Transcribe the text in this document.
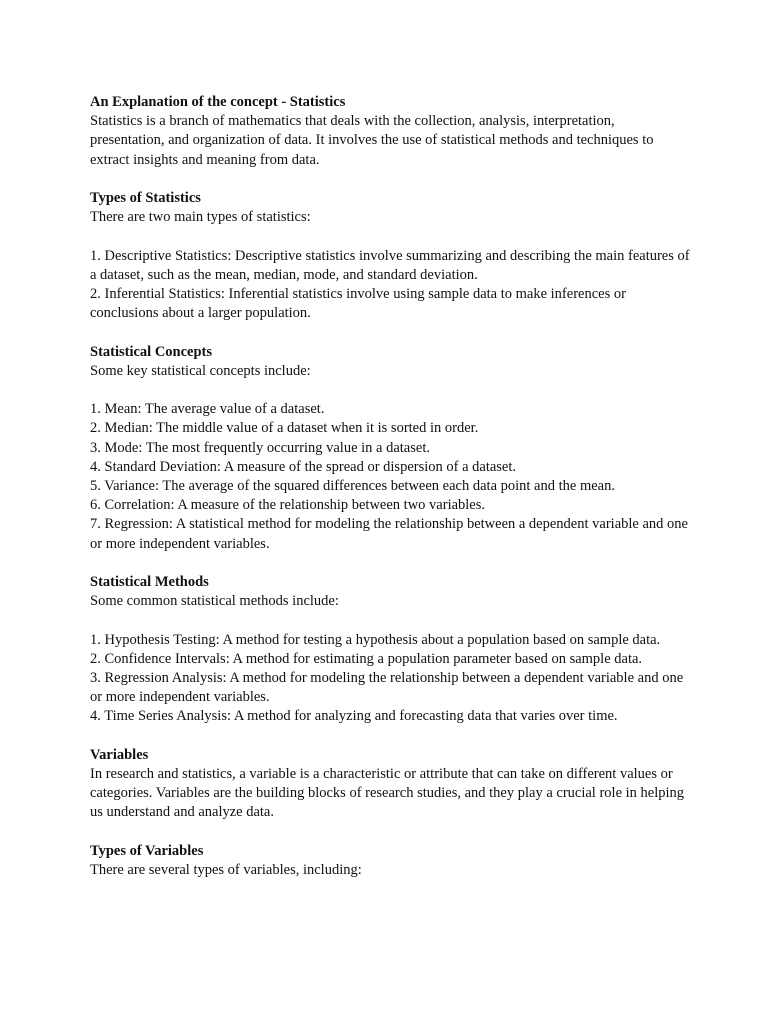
An Explanation of the concept - Statistics
Statistics is a branch of mathematics that deals with the collection, analysis, interpretation, presentation, and organization of data. It involves the use of statistical methods and techniques to extract insights and meaning from data.
Types of Statistics
There are two main types of statistics:
1. Descriptive Statistics: Descriptive statistics involve summarizing and describing the main features of a dataset, such as the mean, median, mode, and standard deviation.
2. Inferential Statistics: Inferential statistics involve using sample data to make inferences or conclusions about a larger population.
Statistical Concepts
Some key statistical concepts include:
1. Mean: The average value of a dataset.
2. Median: The middle value of a dataset when it is sorted in order.
3. Mode: The most frequently occurring value in a dataset.
4. Standard Deviation: A measure of the spread or dispersion of a dataset.
5. Variance: The average of the squared differences between each data point and the mean.
6. Correlation: A measure of the relationship between two variables.
7. Regression: A statistical method for modeling the relationship between a dependent variable and one or more independent variables.
Statistical Methods
Some common statistical methods include:
1. Hypothesis Testing: A method for testing a hypothesis about a population based on sample data.
2. Confidence Intervals: A method for estimating a population parameter based on sample data.
3. Regression Analysis: A method for modeling the relationship between a dependent variable and one or more independent variables.
4. Time Series Analysis: A method for analyzing and forecasting data that varies over time.
Variables
In research and statistics, a variable is a characteristic or attribute that can take on different values or categories. Variables are the building blocks of research studies, and they play a crucial role in helping us understand and analyze data.
Types of Variables
There are several types of variables, including:
